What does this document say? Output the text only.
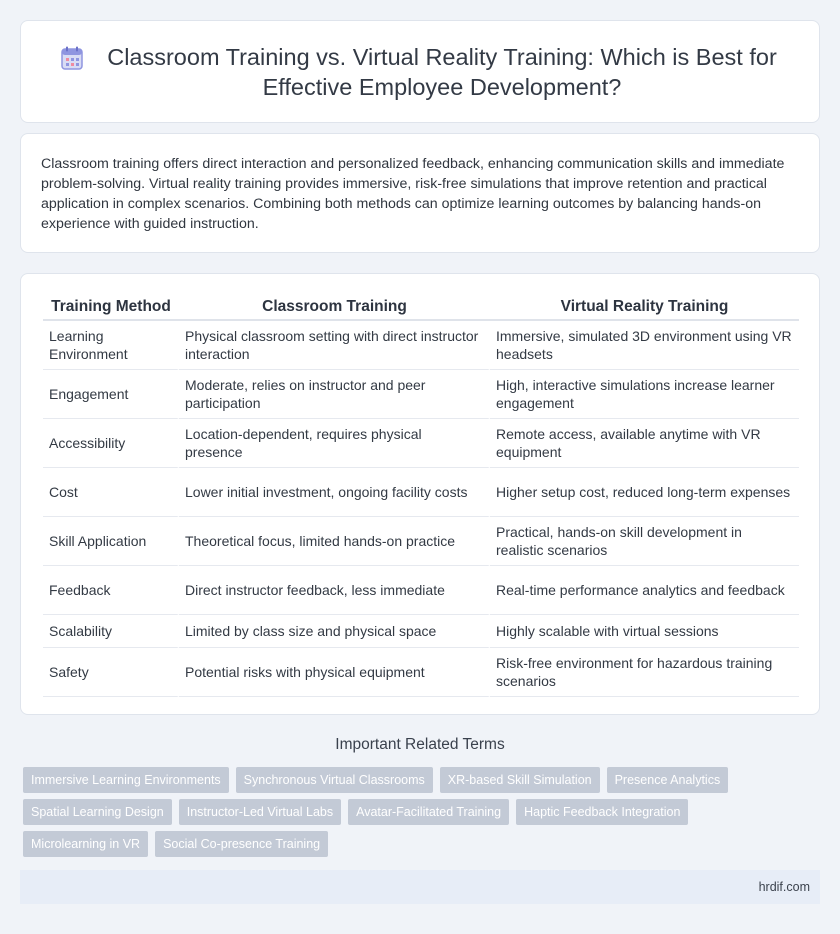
Classroom Training vs. Virtual Reality Training: Which is Best for Effective Employee Development?

Classroom training offers direct interaction and personalized feedback, enhancing communication skills and immediate problem-solving. Virtual reality training provides immersive, risk-free simulations that improve retention and practical application in complex scenarios. Combining both methods can optimize learning outcomes by balancing hands-on experience with guided instruction.

Training Method	Classroom Training	Virtual Reality Training
Learning Environment	Physical classroom setting with direct instructor interaction	Immersive, simulated 3D environment using VR headsets
Engagement	Moderate, relies on instructor and peer participation	High, interactive simulations increase learner engagement
Accessibility	Location-dependent, requires physical presence	Remote access, available anytime with VR equipment
Cost	Lower initial investment, ongoing facility costs	Higher setup cost, reduced long-term expenses
Skill Application	Theoretical focus, limited hands-on practice	Practical, hands-on skill development in realistic scenarios
Feedback	Direct instructor feedback, less immediate	Real-time performance analytics and feedback
Scalability	Limited by class size and physical space	Highly scalable with virtual sessions
Safety	Potential risks with physical equipment	Risk-free environment for hazardous training scenarios
Important Related Terms
Immersive Learning Environments Synchronous Virtual Classrooms XR-based Skill Simulation Presence AnalyticsSpatial Learning Design Instructor-Led Virtual Labs Avatar-Facilitated Training Haptic Feedback IntegrationMicrolearning in VR Social Co-presence Training
hrdif.com
